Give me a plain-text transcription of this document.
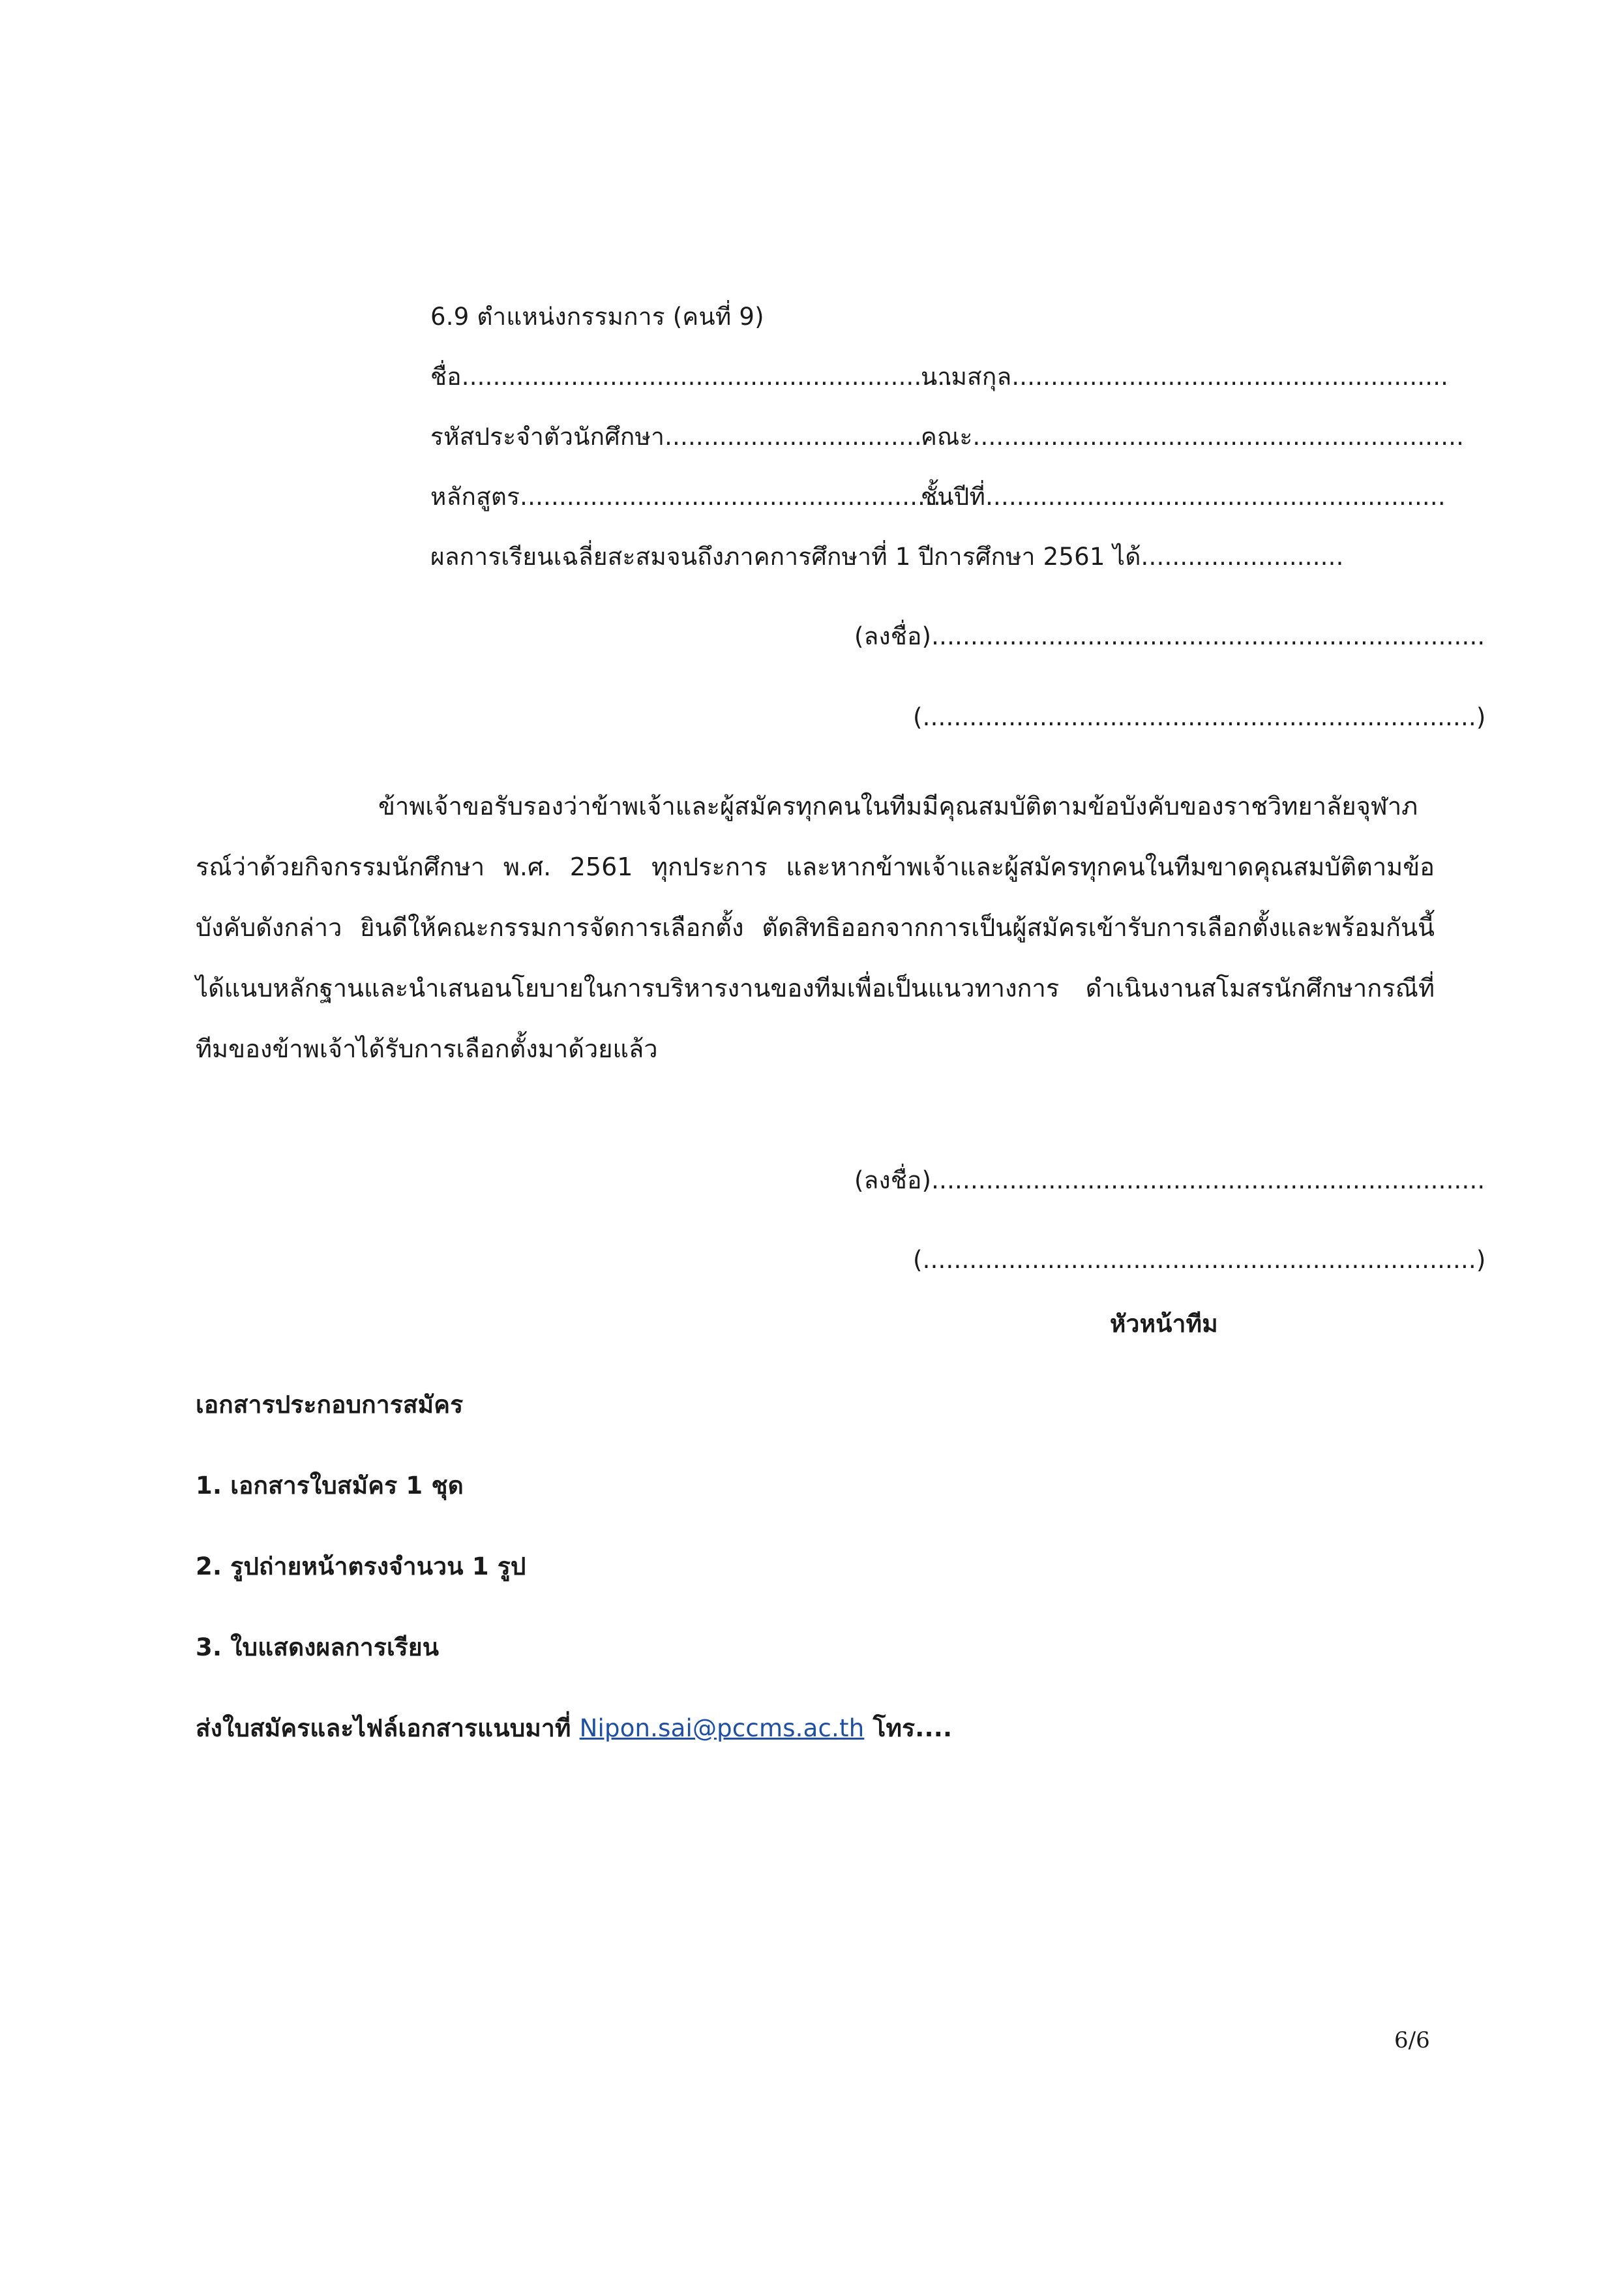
6.9 ตำแหน่งกรรมการ (คนที่ 9)
ชื่อ...............................................................
นามสกุล........................................................
รหัสประจำตัวนักศึกษา.................................
คณะ...............................................................
หลักสูตร.......................................................
ชั้นปีที่...........................................................
ผลการเรียนเฉลี่ยสะสมจนถึงภาคการศึกษาที่ 1 ปีการศึกษา 2561 ได้..........................
(ลงชื่อ).......................................................................
(.......................................................................)
ข้าพเจ้าขอรับรองว่าข้าพเจ้าและผู้สมัครทุกคนในทีมมีคุณสมบัติตามข้อบังคับของราชวิทยาลัยจุฬาภรณ์ว่าด้วยกิจกรรมนักศึกษา พ.ศ. 2561 ทุกประการ และหากข้าพเจ้าและผู้สมัครทุกคนในทีมขาดคุณสมบัติตามข้อบังคับดังกล่าว ยินดีให้คณะกรรมการจัดการเลือกตั้ง ตัดสิทธิออกจากการเป็นผู้สมัครเข้ารับการเลือกตั้งและพร้อมกันนี้ได้แนบหลักฐานและนำเสนอนโยบายในการบริหารงานของทีมเพื่อเป็นแนวทางการ ดำเนินงานสโมสรนักศึกษากรณีที่ทีมของข้าพเจ้าได้รับการเลือกตั้งมาด้วยแล้ว
(ลงชื่อ).......................................................................
(.......................................................................)
หัวหน้าทีม
เอกสารประกอบการสมัคร
1. เอกสารใบสมัคร 1 ชุด
2. รูปถ่ายหน้าตรงจำนวน 1 รูป
3. ใบแสดงผลการเรียน
ส่งใบสมัครและไฟล์เอกสารแนบมาที่ Nipon.sai@pccms.ac.th โทร....
6/6
